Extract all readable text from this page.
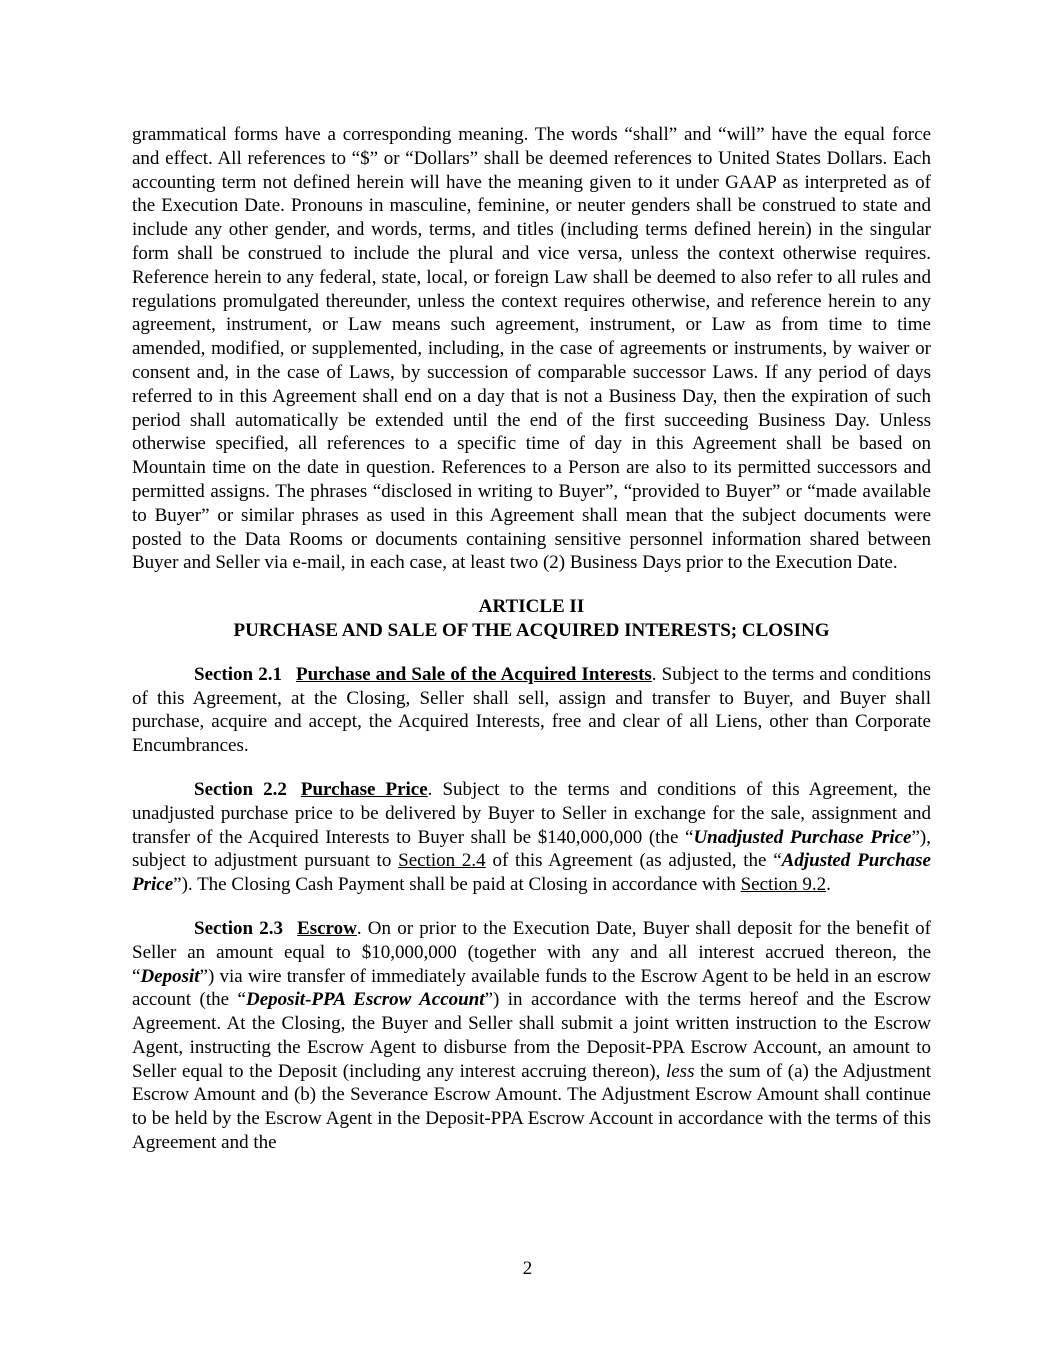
grammatical forms have a corresponding meaning. The words “shall” and “will” have the equal force and effect. All references to “$” or “Dollars” shall be deemed references to United States Dollars. Each accounting term not defined herein will have the meaning given to it under GAAP as interpreted as of the Execution Date. Pronouns in masculine, feminine, or neuter genders shall be construed to state and include any other gender, and words, terms, and titles (including terms defined herein) in the singular form shall be construed to include the plural and vice versa, unless the context otherwise requires. Reference herein to any federal, state, local, or foreign Law shall be deemed to also refer to all rules and regulations promulgated thereunder, unless the context requires otherwise, and reference herein to any agreement, instrument, or Law means such agreement, instrument, or Law as from time to time amended, modified, or supplemented, including, in the case of agreements or instruments, by waiver or consent and, in the case of Laws, by succession of comparable successor Laws. If any period of days referred to in this Agreement shall end on a day that is not a Business Day, then the expiration of such period shall automatically be extended until the end of the first succeeding Business Day. Unless otherwise specified, all references to a specific time of day in this Agreement shall be based on Mountain time on the date in question. References to a Person are also to its permitted successors and permitted assigns. The phrases “disclosed in writing to Buyer”, “provided to Buyer” or “made available to Buyer” or similar phrases as used in this Agreement shall mean that the subject documents were posted to the Data Rooms or documents containing sensitive personnel information shared between Buyer and Seller via e-mail, in each case, at least two (2) Business Days prior to the Execution Date.

ARTICLE II
PURCHASE AND SALE OF THE ACQUIRED INTERESTS; CLOSING

Section 2.1 Purchase and Sale of the Acquired Interests. Subject to the terms and conditions of this Agreement, at the Closing, Seller shall sell, assign and transfer to Buyer, and Buyer shall purchase, acquire and accept, the Acquired Interests, free and clear of all Liens, other than Corporate Encumbrances.

Section 2.2 Purchase Price. Subject to the terms and conditions of this Agreement, the unadjusted purchase price to be delivered by Buyer to Seller in exchange for the sale, assignment and transfer of the Acquired Interests to Buyer shall be $140,000,000 (the “Unadjusted Purchase Price”), subject to adjustment pursuant to Section 2.4 of this Agreement (as adjusted, the “Adjusted Purchase Price”). The Closing Cash Payment shall be paid at Closing in accordance with Section 9.2.

Section 2.3 Escrow. On or prior to the Execution Date, Buyer shall deposit for the benefit of Seller an amount equal to $10,000,000 (together with any and all interest accrued thereon, the “Deposit”) via wire transfer of immediately available funds to the Escrow Agent to be held in an escrow account (the “Deposit-PPA Escrow Account”) in accordance with the terms hereof and the Escrow Agreement. At the Closing, the Buyer and Seller shall submit a joint written instruction to the Escrow Agent, instructing the Escrow Agent to disburse from the Deposit-PPA Escrow Account, an amount to Seller equal to the Deposit (including any interest accruing thereon), less the sum of (a) the Adjustment Escrow Amount and (b) the Severance Escrow Amount. The Adjustment Escrow Amount shall continue to be held by the Escrow Agent in the Deposit-PPA Escrow Account in accordance with the terms of this Agreement and the

2
